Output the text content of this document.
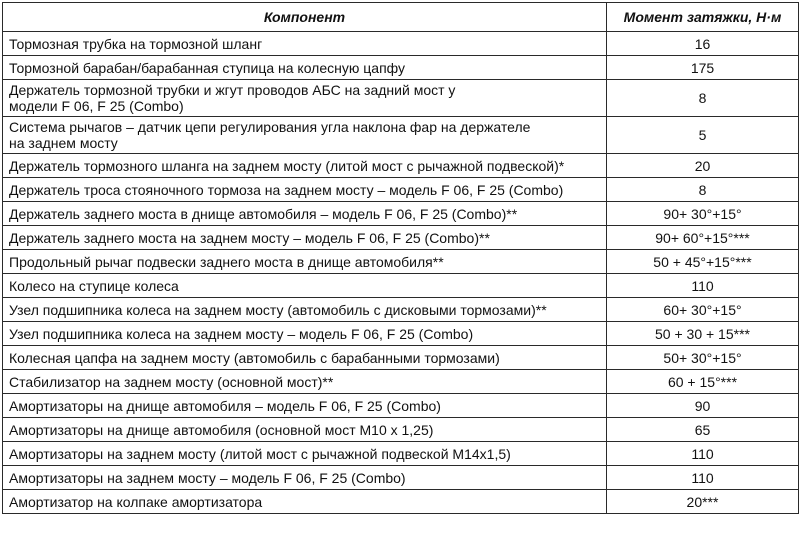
Компонент	Момент затяжки, Н·м
Тормозная трубка на тормозной шланг	16
Тормозной барабан/барабанная ступица на колесную цапфу	175

Держатель тормозной трубки и жгут проводов АБС на задний мост у модели F 06, F 25 (Combo)	8

Система рычагов – датчик цепи регулирования угла наклона фар на держателе на заднем мосту	5
Держатель тормозного шланга на заднем мосту (литой мост с рычажной подвеской)*	20
Держатель троса стояночного тормоза на заднем мосту – модель F 06, F 25 (Combo)	8
Держатель заднего моста в днище автомобиля – модель F 06, F 25 (Combo)**	90+ 30°+15°
Держатель заднего моста на заднем мосту – модель F 06, F 25 (Combo)**	90+ 60°+15°***
Продольный рычаг подвески заднего моста в днище автомобиля**	50 + 45°+15°***
Колесо на ступице колеса	110
Узел подшипника колеса на заднем мосту (автомобиль с дисковыми тормозами)**	60+ 30°+15°
Узел подшипника колеса на заднем мосту – модель F 06, F 25 (Combo)	50 + 30 + 15***
Колесная цапфа на заднем мосту (автомобиль с барабанными тормозами)	50+ 30°+15°
Стабилизатор на заднем мосту (основной мост)**	60 + 15°***
Амортизаторы на днище автомобиля – модель F 06, F 25 (Combo)	90
Амортизаторы на днище автомобиля (основной мост M10 x 1,25)	65
Амортизаторы на заднем мосту (литой мост с рычажной подвеской M14x1,5)	110
Амортизаторы на заднем мосту – модель F 06, F 25 (Combo)	110
Амортизатор на колпаке амортизатора	20***
